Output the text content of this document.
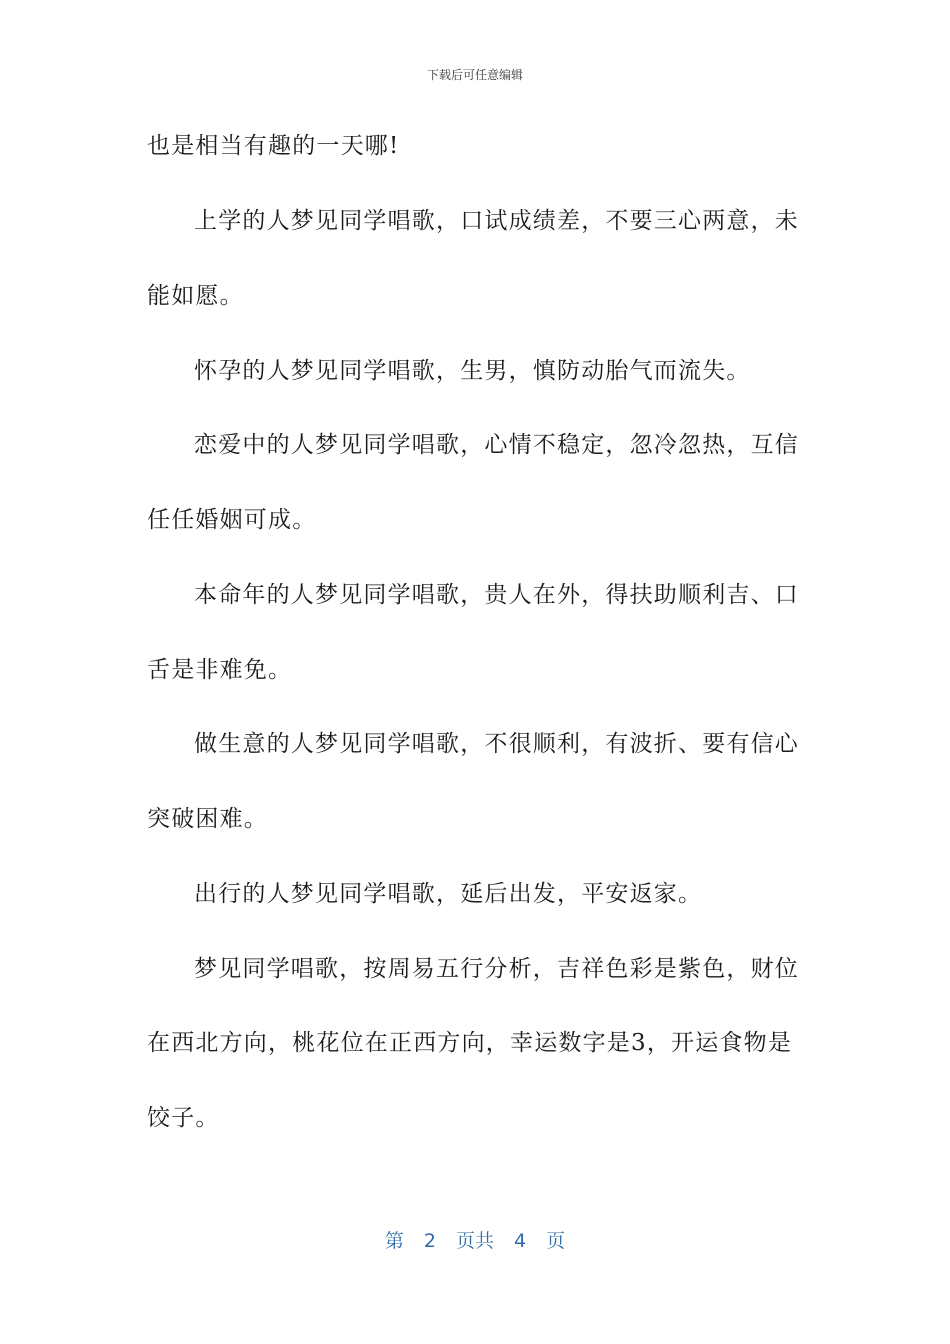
下载后可任意编辑
也是相当有趣的一天哪!
上学的人梦见同学唱歌，口试成绩差，不要三心两意，未
能如愿。
怀孕的人梦见同学唱歌，生男，慎防动胎气而流失。
恋爱中的人梦见同学唱歌，心情不稳定，忽冷忽热，互信
任任婚姻可成。
本命年的人梦见同学唱歌，贵人在外，得扶助顺利吉、口
舌是非难免。
做生意的人梦见同学唱歌，不很顺利，有波折、要有信心
突破困难。
出行的人梦见同学唱歌，延后出发，平安返家。
梦见同学唱歌，按周易五行分析，吉祥色彩是紫色，财位
在西北方向，桃花位在正西方向，幸运数字是3，开运食物是
饺子。
第 2 页共 4 页
